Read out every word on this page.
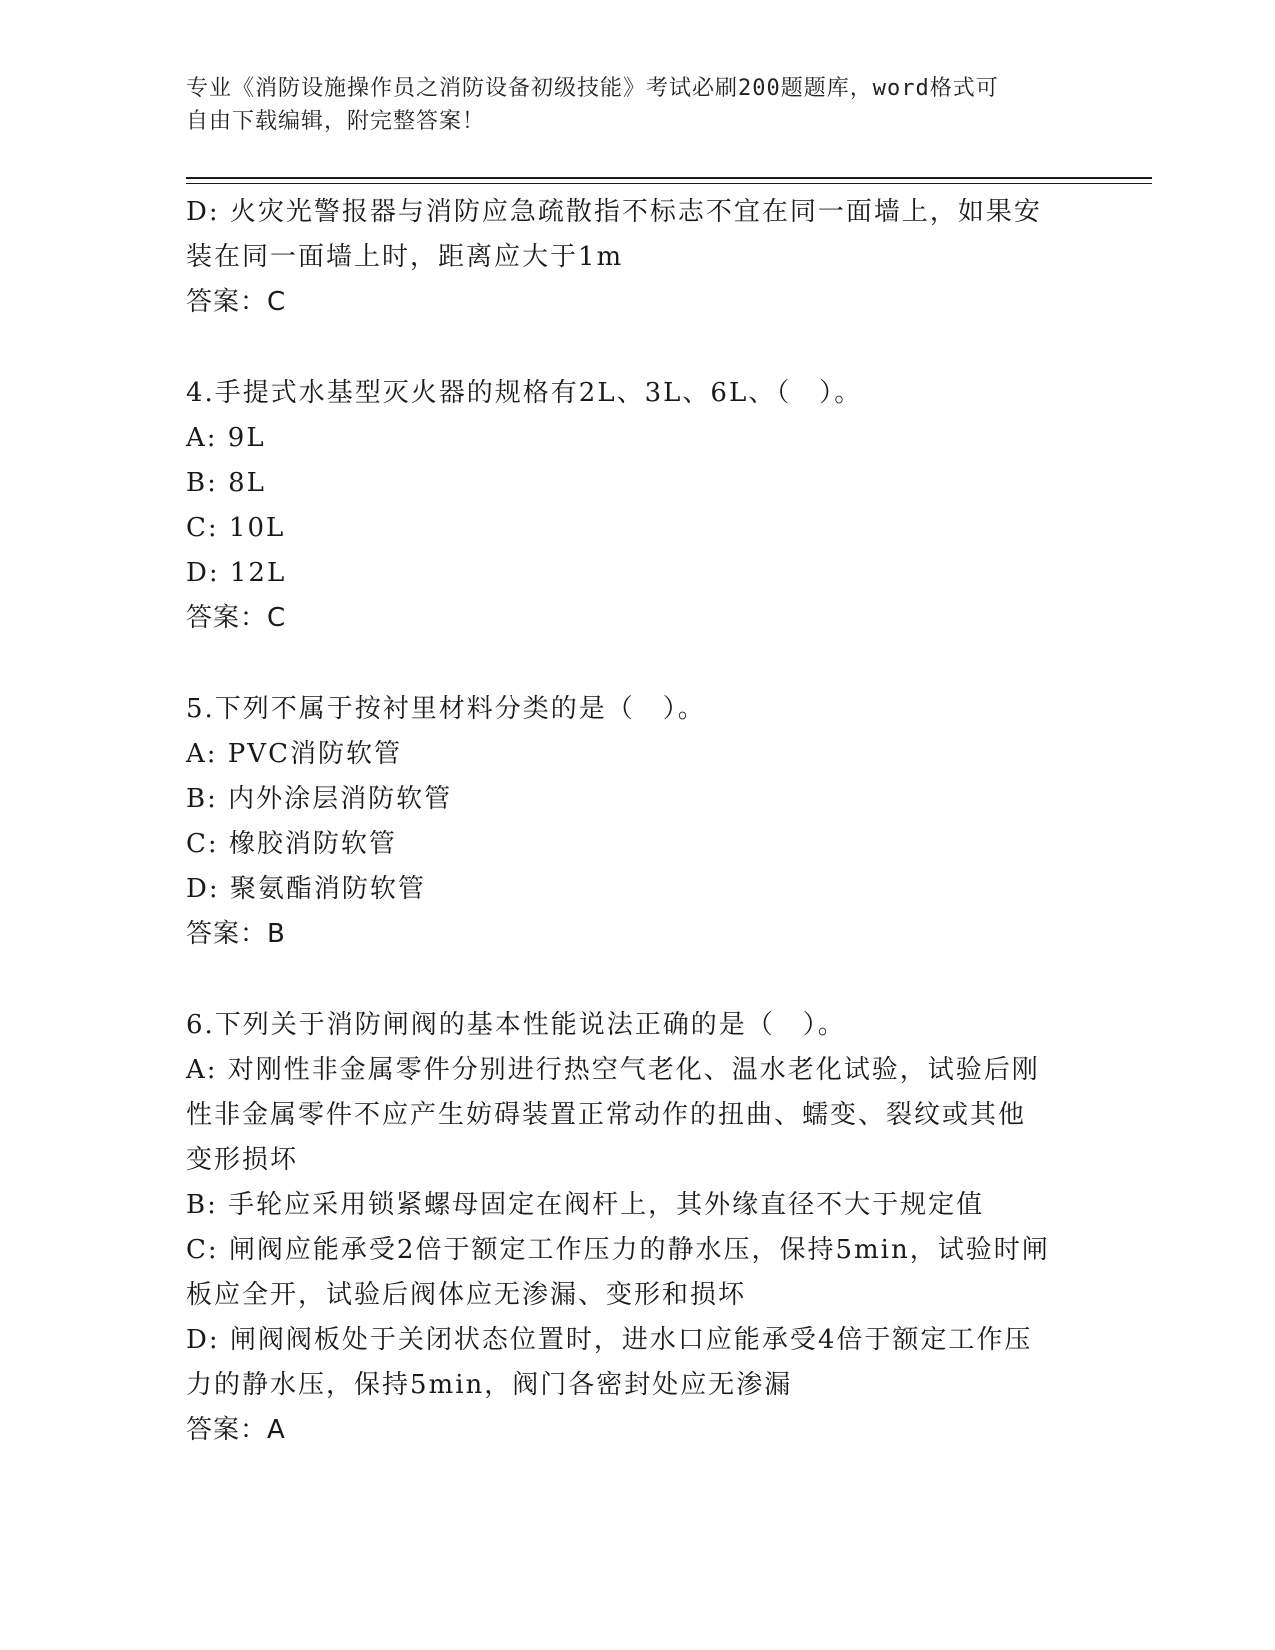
专业《消防设施操作员之消防设备初级技能》考试必刷200题题库，word格式可
自由下载编辑，附完整答案！
D: 火灾光警报器与消防应急疏散指不标志不宜在同一面墙上，如果安
装在同一面墙上时，距离应大于1m
答案：C
4.手提式水基型灭火器的规格有2L、3L、6L、（　）。
A: 9L
B: 8L
C: 10L
D: 12L
答案：C
5.下列不属于按衬里材料分类的是（　）。
A: PVC消防软管
B: 内外涂层消防软管
C: 橡胶消防软管
D: 聚氨酯消防软管
答案：B
6.下列关于消防闸阀的基本性能说法正确的是（　）。
A: 对刚性非金属零件分别进行热空气老化、温水老化试验，试验后刚
性非金属零件不应产生妨碍装置正常动作的扭曲、蠕变、裂纹或其他
变形损坏
B: 手轮应采用锁紧螺母固定在阀杆上，其外缘直径不大于规定值
C: 闸阀应能承受2倍于额定工作压力的静水压，保持5min，试验时闸
板应全开，试验后阀体应无渗漏、变形和损坏
D: 闸阀阀板处于关闭状态位置时，进水口应能承受4倍于额定工作压
力的静水压，保持5min，阀门各密封处应无渗漏
答案：A
